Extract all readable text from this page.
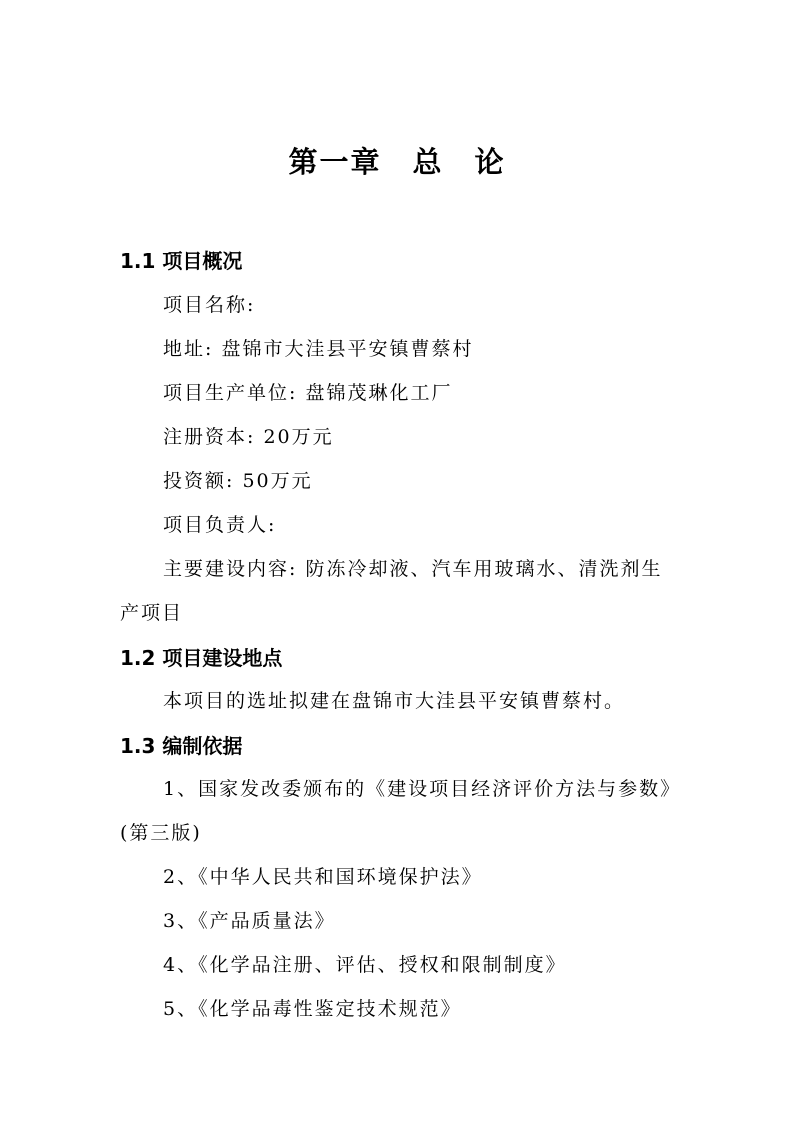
第一章　总　论
1.1 项目概况
项目名称:
地址: 盘锦市大洼县平安镇曹蔡村
项目生产单位: 盘锦茂琳化工厂
注册资本: 20万元
投资额: 50万元
项目负责人:
主要建设内容: 防冻冷却液、汽车用玻璃水、清洗剂生
产项目
1.2 项目建设地点
本项目的选址拟建在盘锦市大洼县平安镇曹蔡村。
1.3 编制依据
1、国家发改委颁布的《建设项目经济评价方法与参数》
(第三版)
2、《中华人民共和国环境保护法》
3、《产品质量法》
4、《化学品注册、评估、授权和限制制度》
5、《化学品毒性鉴定技术规范》
